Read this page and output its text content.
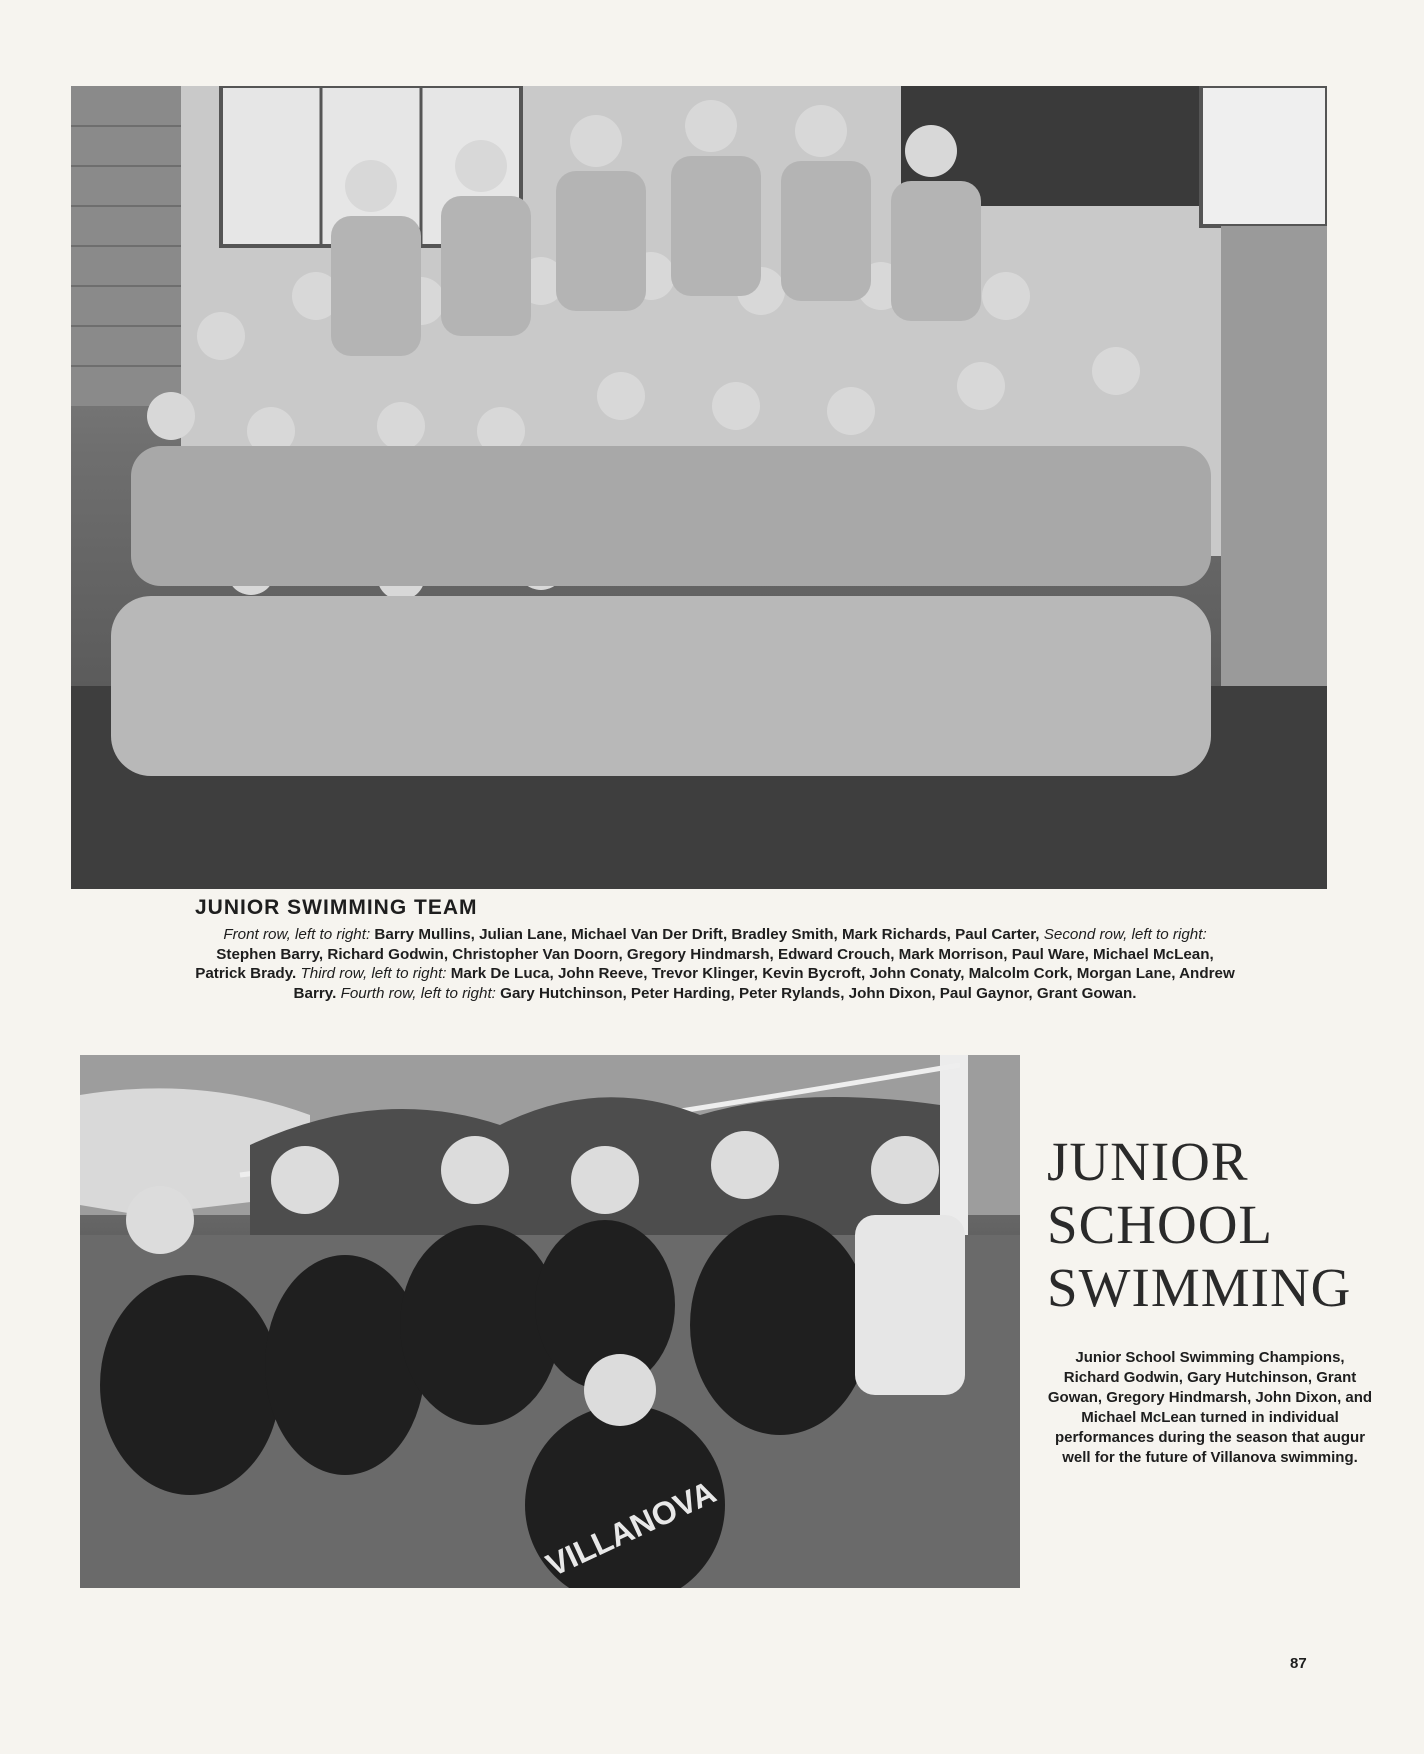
JUNIOR SWIMMING TEAM
Front row, left to right: Barry Mullins, Julian Lane, Michael Van Der Drift, Bradley Smith, Mark Richards, Paul Carter, Second row, left to right: Stephen Barry, Richard Godwin, Christopher Van Doorn, Gregory Hindmarsh, Edward Crouch, Mark Morrison, Paul Ware, Michael McLean, Patrick Brady. Third row, left to right: Mark De Luca, John Reeve, Trevor Klinger, Kevin Bycroft, John Conaty, Malcolm Cork, Morgan Lane, Andrew Barry. Fourth row, left to right: Gary Hutchinson, Peter Harding, Peter Rylands, John Dixon, Paul Gaynor, Grant Gowan.
VILLANOVA
JUNIOR
SCHOOL
SWIMMING
Junior School Swimming Champions, Richard Godwin, Gary Hutchinson, Grant Gowan, Gregory Hindmarsh, John Dixon, and Michael McLean turned in individual performances during the season that augur well for the future of Villanova swimming.
87
